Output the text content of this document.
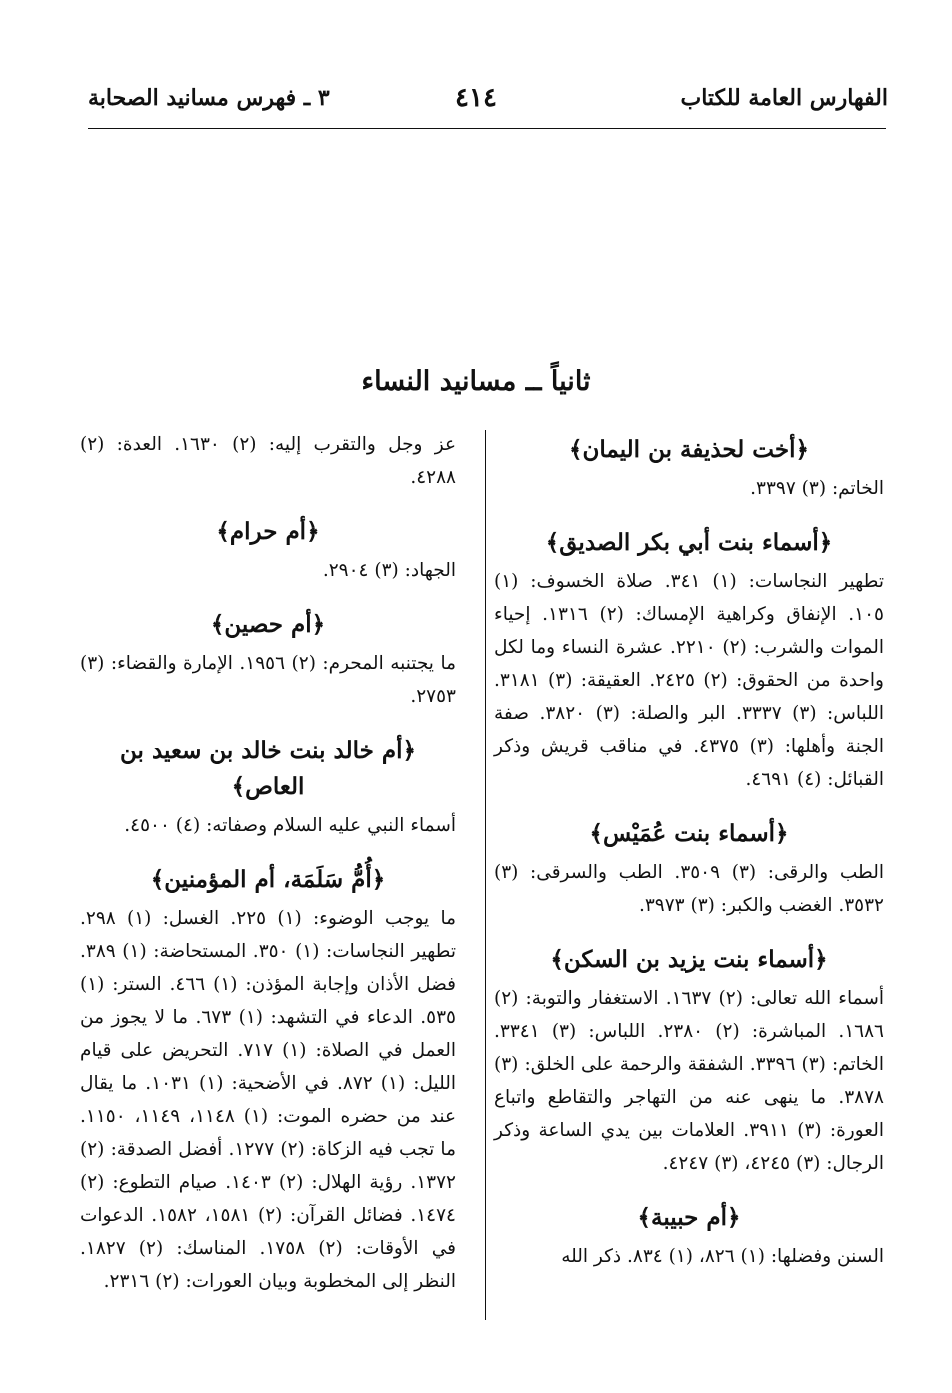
الفهارس العامة للكتاب
٤١٤
٣ ـ فهرس مسانيد الصحابة
ثانياً ــ مسانيد النساء
﴿أخت لحذيفة بن اليمان﴾

الخاتم: (٣) ٣٣٩٧.

﴿أسماء بنت أبي بكر الصديق﴾

تطهير النجاسات: (١) ٣٤١. صلاة الخسوف: (١) ١٠٥. الإنفاق وكراهية الإمساك: (٢) ١٣١٦. إحياء الموات والشرب: (٢) ٢٢١٠. عشرة النساء وما لكل واحدة من الحقوق: (٢) ٢٤٢٥. العقيقة: (٣) ٣١٨١. اللباس: (٣) ٣٣٣٧. البر والصلة: (٣) ٣٨٢٠. صفة الجنة وأهلها: (٣) ٤٣٧٥. في مناقب قريش وذكر القبائل: (٤) ٤٦٩١.

﴿أسماء بنت عُمَيْس﴾

الطب والرقى: (٣) ٣٥٠٩. الطب والسرقى: (٣) ٣٥٣٢. الغضب والكبر: (٣) ٣٩٧٣.

﴿أسماء بنت يزيد بن السكن﴾

أسماء الله تعالى: (٢) ١٦٣٧. الاستغفار والتوبة: (٢) ١٦٨٦. المباشرة: (٢) ٢٣٨٠. اللباس: (٣) ٣٣٤١. الخاتم: (٣) ٣٣٩٦. الشفقة والرحمة على الخلق: (٣) ٣٨٧٨. ما ينهى عنه من التهاجر والتقاطع واتباع العورة: (٣) ٣٩١١. العلامات بين يدي الساعة وذكر الرجال: (٣) ٤٢٤٥، (٣) ٤٢٤٧.

﴿أم حبيبة﴾

السنن وفضلها: (١) ٨٢٦، (١) ٨٣٤. ذكر الله

عز وجل والتقرب إليه: (٢) ١٦٣٠. العدة: (٢) ٤٢٨٨.

﴿أم حرام﴾

الجهاد: (٣) ٢٩٠٤.

﴿أم حصين﴾

ما يجتنبه المحرم: (٢) ١٩٥٦. الإمارة والقضاء: (٣) ٢٧٥٣.

﴿أم خالد بنت خالد بن سعيد بن العاص﴾

أسماء النبي عليه السلام وصفاته: (٤) ٤٥٠٠.

﴿أُمُّ سَلَمَة، أم المؤمنين﴾

ما يوجب الوضوء: (١) ٢٢٥. الغسل: (١) ٢٩٨. تطهير النجاسات: (١) ٣٥٠. المستحاضة: (١) ٣٨٩. فضل الأذان وإجابة المؤذن: (١) ٤٦٦. الستر: (١) ٥٣٥. الدعاء في التشهد: (١) ٦٧٣. ما لا يجوز من العمل في الصلاة: (١) ٧١٧. التحريض على قيام الليل: (١) ٨٧٢. في الأضحية: (١) ١٠٣١. ما يقال عند من حضره الموت: (١) ١١٤٨، ١١٤٩، ١١٥٠. ما تجب فيه الزكاة: (٢) ١٢٧٧. أفضل الصدقة: (٢) ١٣٧٢. رؤية الهلال: (٢) ١٤٠٣. صيام التطوع: (٢) ١٤٧٤. فضائل القرآن: (٢) ١٥٨١، ١٥٨٢. الدعوات في الأوقات: (٢) ١٧٥٨. المناسك: (٢) ١٨٢٧. النظر إلى المخطوبة وبيان العورات: (٢) ٢٣١٦.
